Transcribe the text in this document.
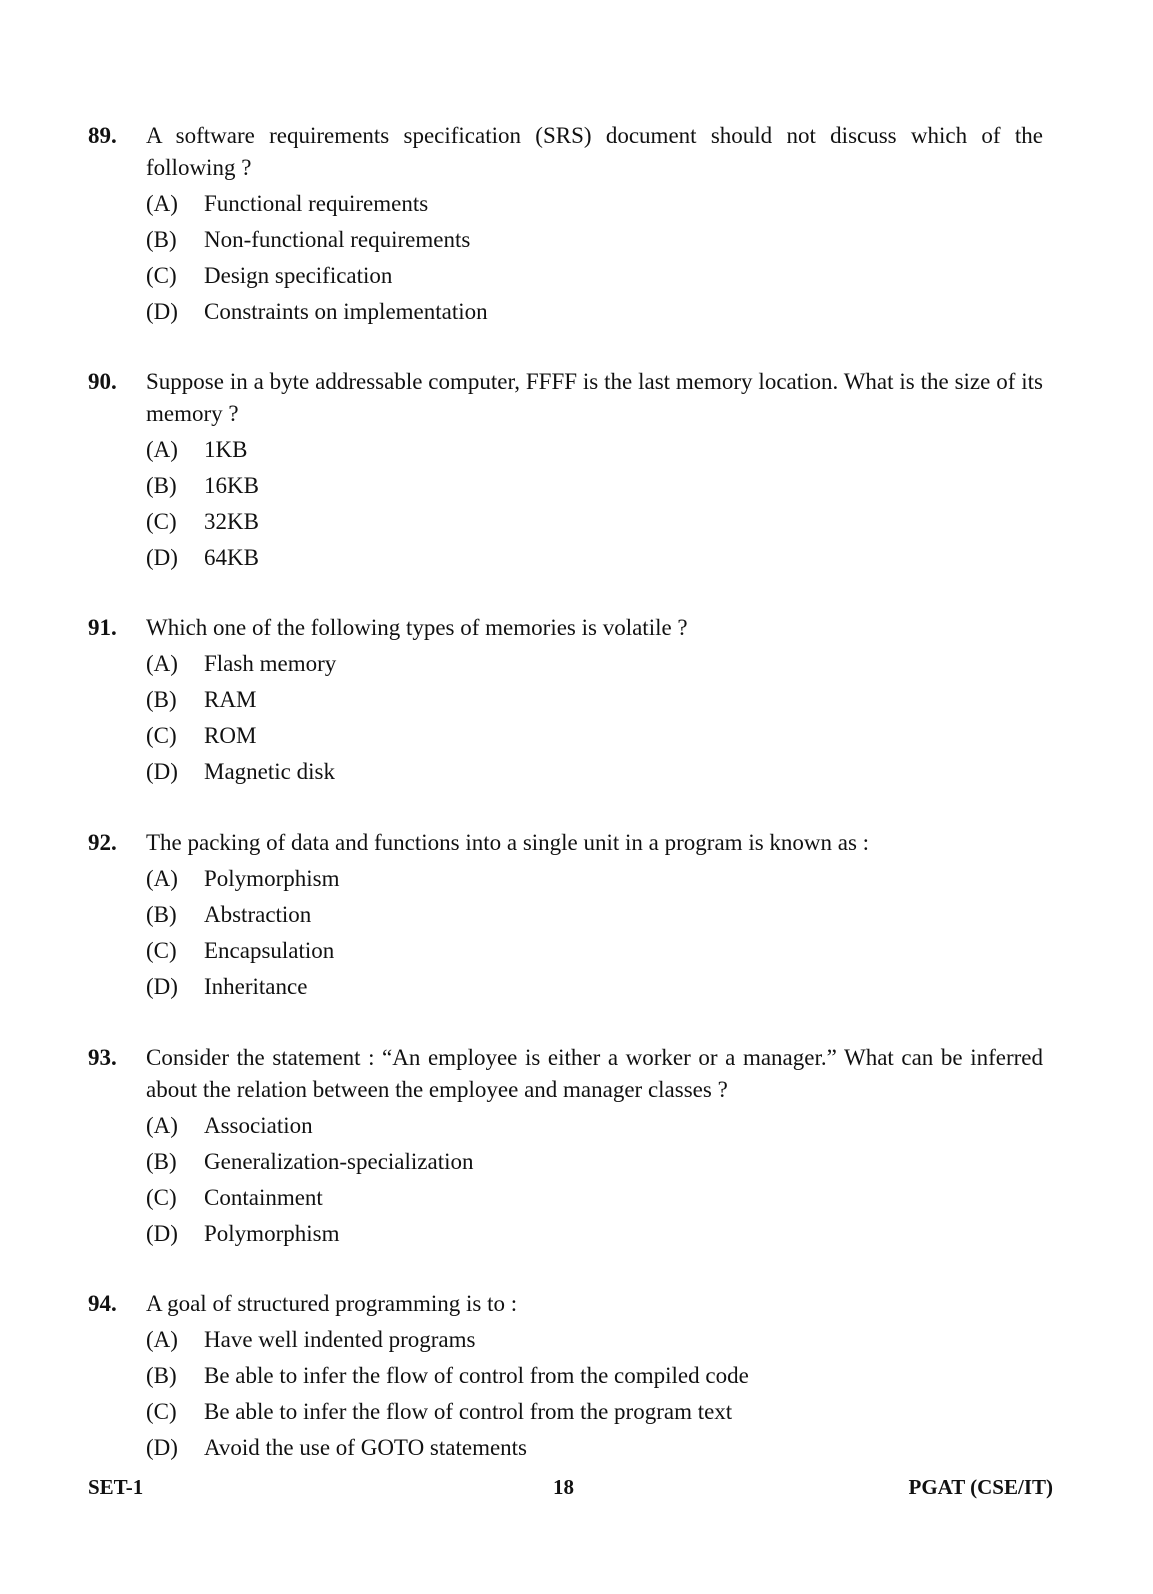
89. A software requirements specification (SRS) document should not discuss which of the following ?
(A)	Functional requirements
(B)	Non-functional requirements
(C)	Design specification
(D)	Constraints on implementation
90. Suppose in a byte addressable computer, FFFF is the last memory location. What is the size of its memory ?
(A)	1KB
(B)	16KB
(C)	32KB
(D)	64KB
91. Which one of the following types of memories is volatile ?
(A)	Flash memory
(B)	RAM
(C)	ROM
(D)	Magnetic disk
92. The packing of data and functions into a single unit in a program is known as :
(A)	Polymorphism
(B)	Abstraction
(C)	Encapsulation
(D)	Inheritance
93. Consider the statement : “An employee is either a worker or a manager.” What can be inferred about the relation between the employee and manager classes ?
(A)	Association
(B)	Generalization-specialization
(C)	Containment
(D)	Polymorphism
94. A goal of structured programming is to :
(A)	Have well indented programs
(B)	Be able to infer the flow of control from the compiled code
(C)	Be able to infer the flow of control from the program text
(D)	Avoid the use of GOTO statements
SET-1	18	PGAT (CSE/IT)
